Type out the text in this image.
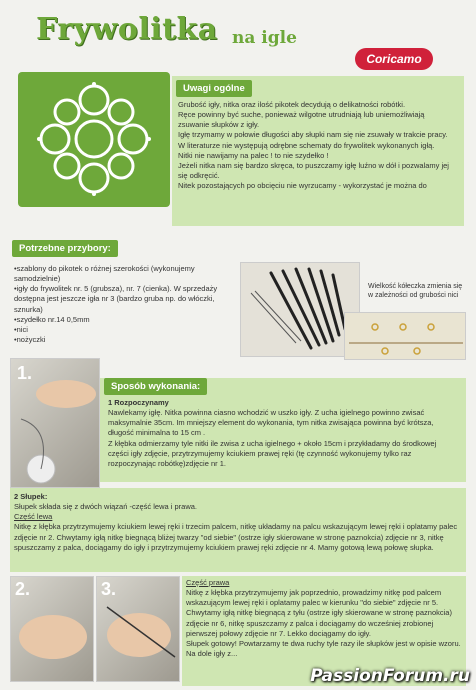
Frywolitka na igle
Coricamo
Uwagi ogólne

Grubość igły, nitka oraz ilość pikotek decydują o delikatności robótki.

Ręce powinny być suche, ponieważ wilgotne utrudniają lub uniemożliwiają zsuwanie słupków z igły.

Igłę trzymamy w połowie długości aby słupki nam się nie zsuwały w trakcie pracy.

W literaturze nie występują odrębne schematy do frywolitek wykonanych igłą.

Nitki nie nawijamy na palec ! to nie szydełko !

Jeżeli nitka nam się bardzo skręca, to puszczamy igłę luźno w dół i pozwalamy jej się odkręcić.

Nitek pozostających po obcięciu nie wyrzucamy - wykorzystać je można do

Potrzebne przybory:

•szablony do pikotek o różnej szerokości (wykonujemy samodzielnie)

•igły do frywolitek nr. 5 (grubsza), nr. 7 (cienka). W sprzedaży dostępna jest jeszcze igła nr 3 (bardzo gruba np. do włóczki, sznurka)

•szydełko nr.14 0,5mm

•nici

•nożyczki

Wielkość kółeczka zmienia się w zależności od grubości nici
1.
Sposób wykonania:

1 Rozpoczynamy

Nawlekamy igłę. Nitka powinna ciasno wchodzić w uszko igły. Z ucha igielnego powinno zwisać maksymalnie 35cm. Im mniejszy element do wykonania, tym nitka zwisająca powinna być krótsza, długość minimalna to 15 cm .

Z kłębka odmierzamy tyle nitki ile zwisa z ucha igielnego + około 15cm i przykładamy do środkowej części igły zdjęcie, przytrzymujemy kciukiem prawej ręki (tę czynność wykonujemy tylko raz rozpoczynając robótkę)zdjęcie nr 1.

2 Słupek:

Słupek składa się z dwóch wiązań -część lewa i prawa.

Część lewa

Nitkę z kłębka przytrzymujemy kciukiem lewej ręki i trzecim palcem, nitkę układamy na palcu wskazującym lewej ręki i oplatamy palec zdjęcie nr 2. Chwytamy igłą nitkę biegnącą bliżej twarzy "od siebie" (ostrze igły skierowane w stronę paznokcia) zdjęcie nr 3, nitkę spuszczamy z palca, dociągamy do igły i przytrzymujemy kciukiem prawej ręki zdjęcie nr 4. Mamy gotową lewą połowę słupka.

2.	3.	Część prawa

Nitkę z kłębka przytrzymujemy jak poprzednio, prowadzimy nitkę pod palcem wskazującym lewej ręki i oplatamy palec w kierunku "do siebie" zdjęcie nr 5. Chwytamy igłą nitkę biegnącą z tyłu (ostrze igły skierowane w stronę paznokcia) zdjęcie nr 6, nitkę spuszczamy z palca i dociągamy do wcześniej zrobionej pierwszej połowy zdjęcie nr 7. Lekko dociągamy do igły.

Słupek gotowy! Powtarzamy te dwa ruchy tyle razy ile słupków jest w opisie wzoru.

Na dole igły z...

PassionForum.ru
